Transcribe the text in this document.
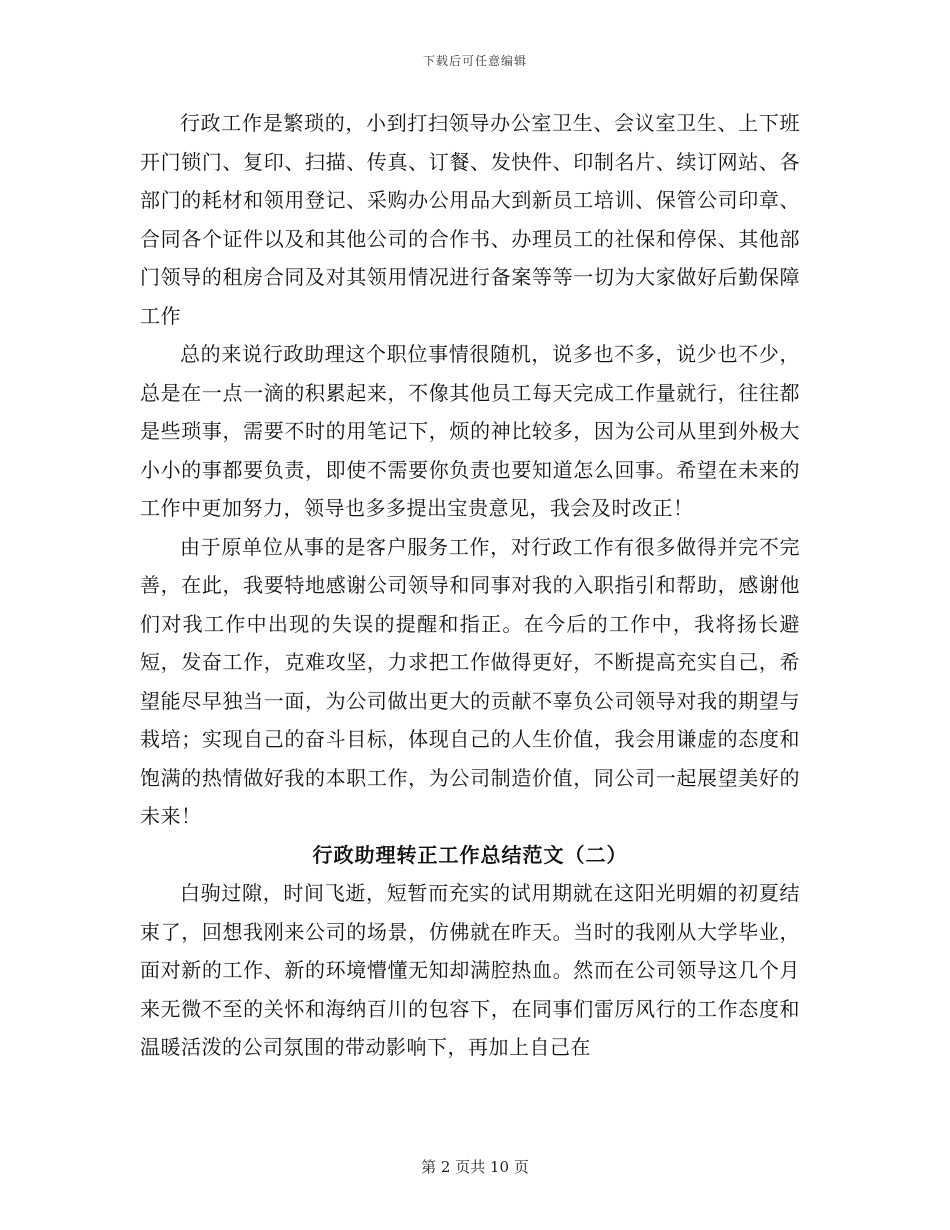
下载后可任意编辑

行政工作是繁琐的，小到打扫领导办公室卫生、会议室卫生、上下班开门锁门、复印、扫描、传真、订餐、发快件、印制名片、续订网站、各部门的耗材和领用登记、采购办公用品大到新员工培训、保管公司印章、合同各个证件以及和其他公司的合作书、办理员工的社保和停保、其他部门领导的租房合同及对其领用情况进行备案等等一切为大家做好后勤保障工作

总的来说行政助理这个职位事情很随机，说多也不多，说少也不少，总是在一点一滴的积累起来，不像其他员工每天完成工作量就行，往往都是些琐事，需要不时的用笔记下，烦的神比较多，因为公司从里到外极大小小的事都要负责，即使不需要你负责也要知道怎么回事。希望在未来的工作中更加努力，领导也多多提出宝贵意见，我会及时改正！

由于原单位从事的是客户服务工作，对行政工作有很多做得并完不完善，在此，我要特地感谢公司领导和同事对我的入职指引和帮助，感谢他们对我工作中出现的失误的提醒和指正。在今后的工作中，我将扬长避短，发奋工作，克难攻坚，力求把工作做得更好，不断提高充实自己，希望能尽早独当一面，为公司做出更大的贡献不辜负公司领导对我的期望与栽培；实现自己的奋斗目标，体现自己的人生价值，我会用谦虚的态度和饱满的热情做好我的本职工作，为公司制造价值，同公司一起展望美好的未来！

行政助理转正工作总结范文（二）

白驹过隙，时间飞逝，短暂而充实的试用期就在这阳光明媚的初夏结束了，回想我刚来公司的场景，仿佛就在昨天。当时的我刚从大学毕业，面对新的工作、新的环境懵懂无知却满腔热血。然而在公司领导这几个月来无微不至的关怀和海纳百川的包容下，在同事们雷厉风行的工作态度和温暖活泼的公司氛围的带动影响下，再加上自己在

第 2 页共 10 页
